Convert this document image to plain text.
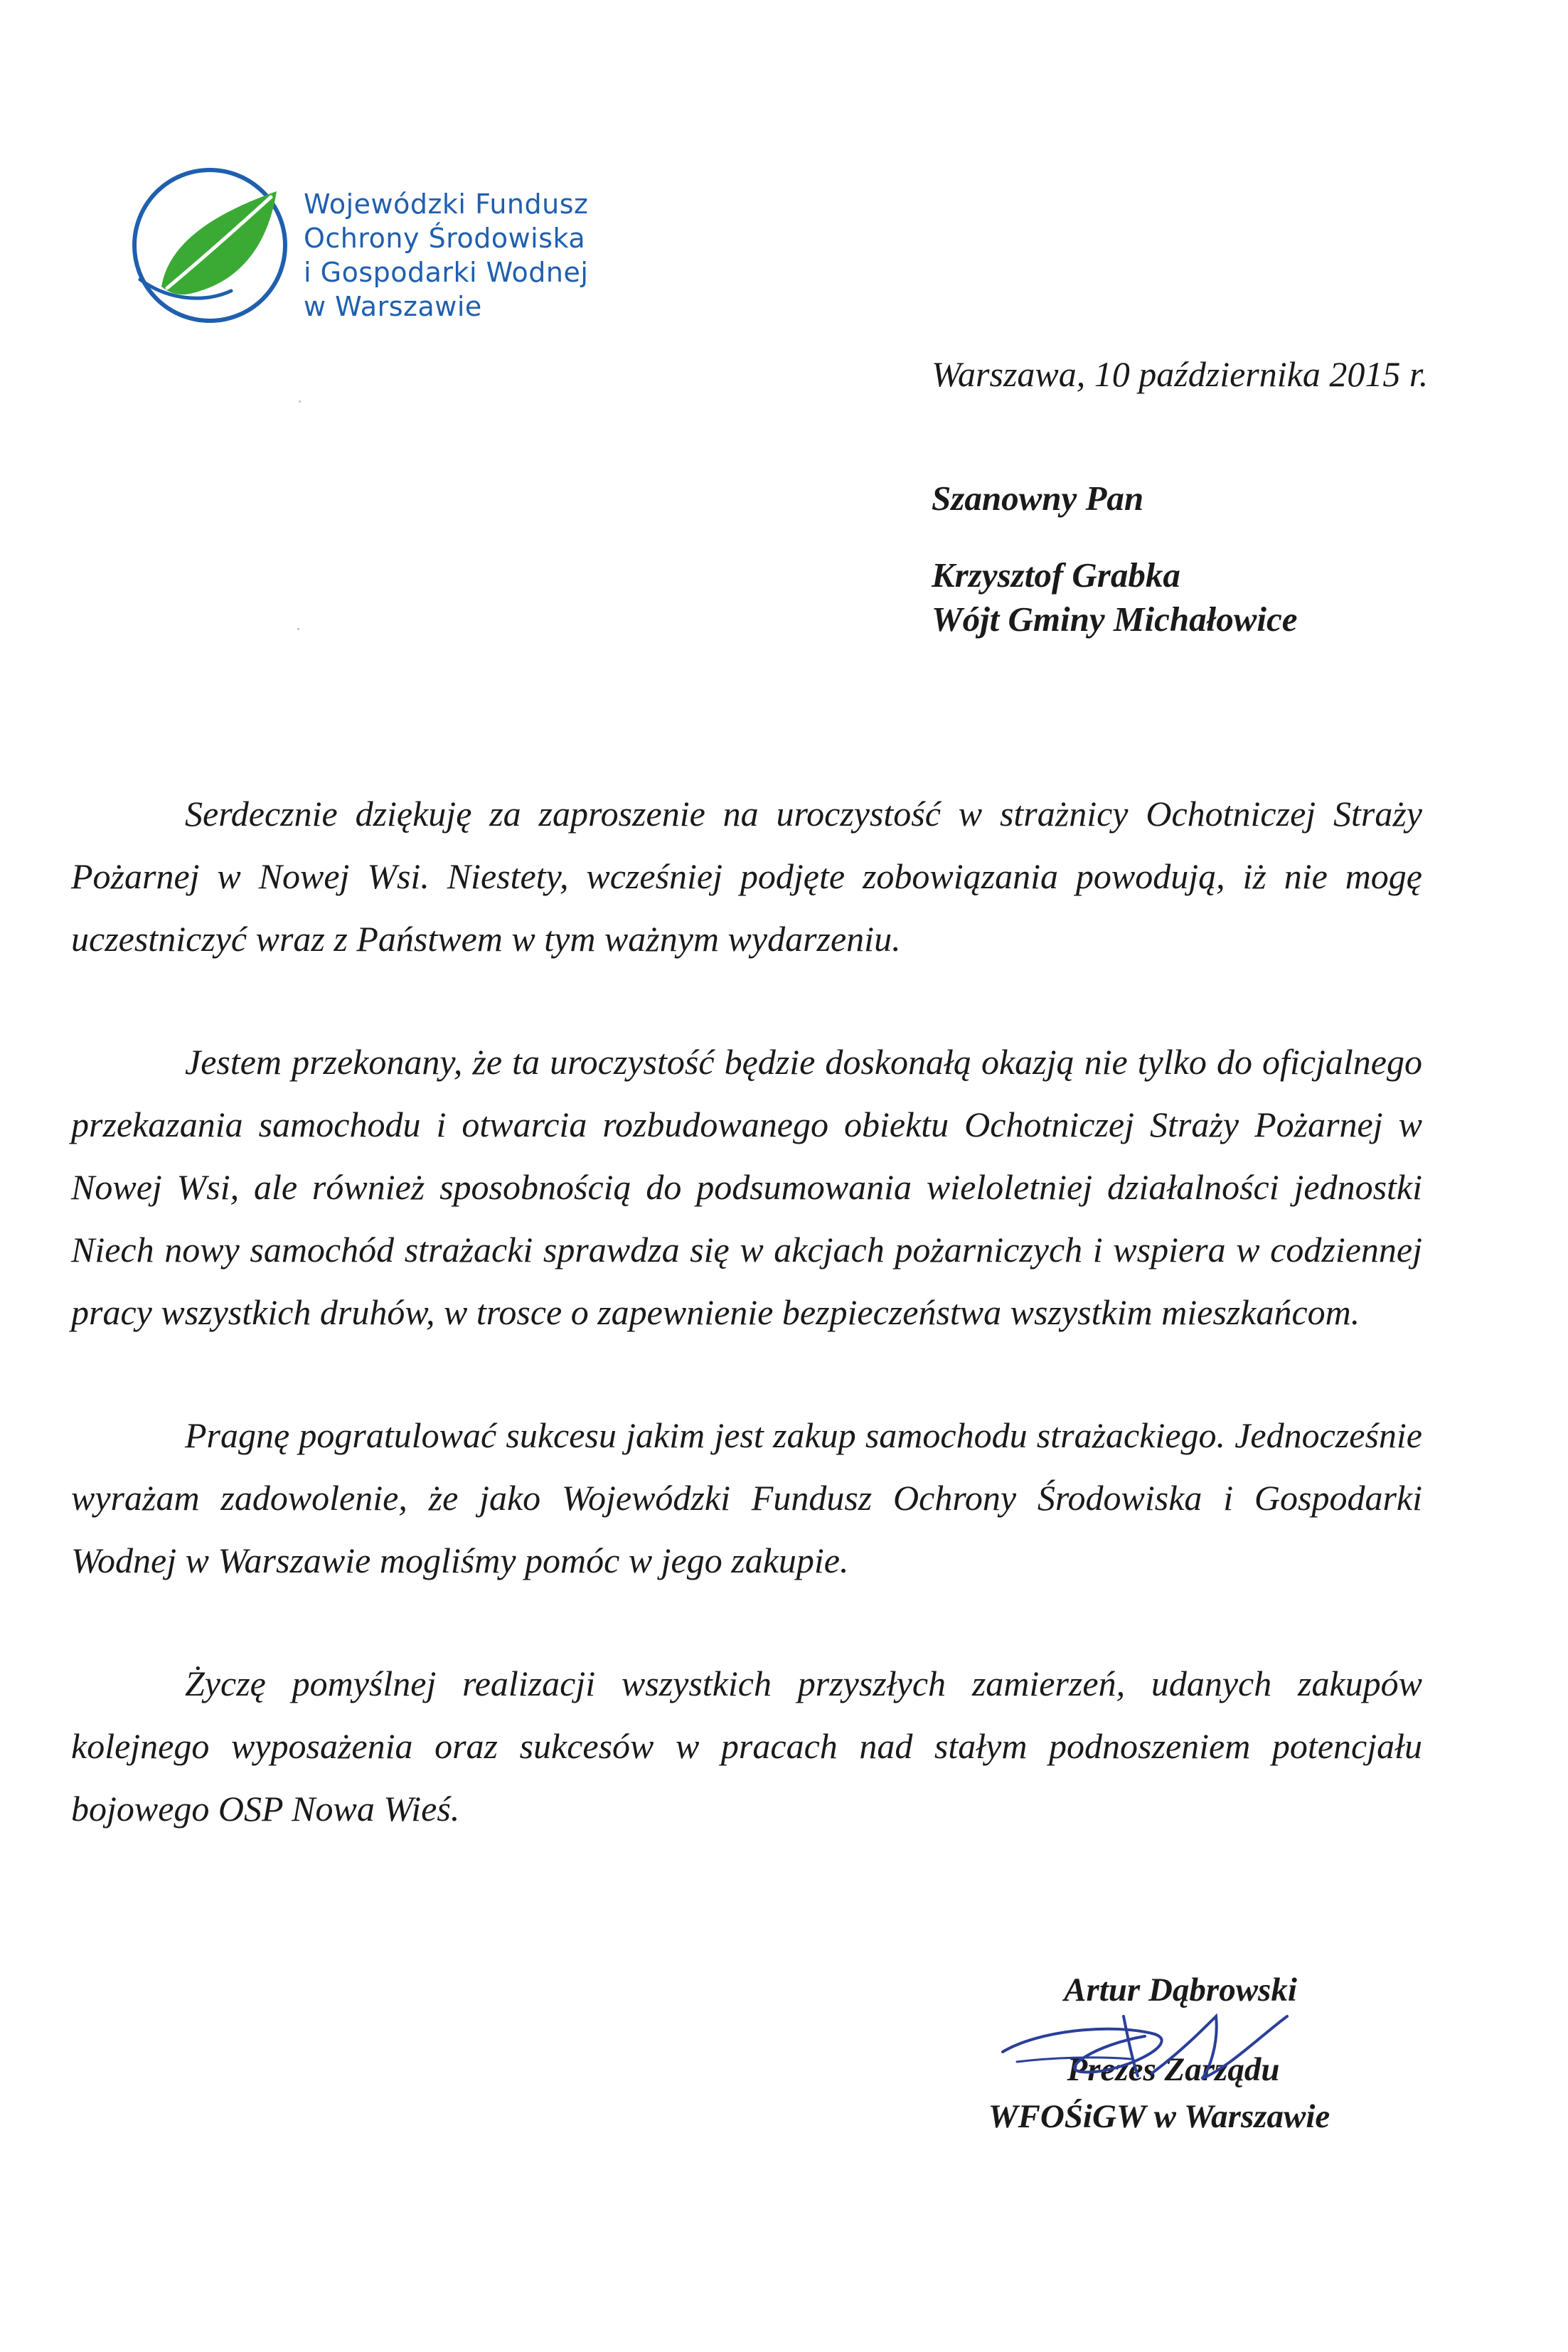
Wojewódzki Fundusz
Ochrony Środowiska
i Gospodarki Wodnej
w Warszawie
Warszawa, 10 października 2015 r.
Szanowny Pan
Krzysztof Grabka
Wójt Gminy Michałowice

Serdecznie dziękuję za zaproszenie na uroczystość w strażnicy Ochotniczej Straży Pożarnej w Nowej Wsi. Niestety, wcześniej podjęte zobowiązania powodują, iż nie mogę uczestniczyć wraz z Państwem w tym ważnym wydarzeniu.

Jestem przekonany, że ta uroczystość będzie doskonałą okazją nie tylko do oficjalnego przekazania samochodu i otwarcia rozbudowanego obiektu Ochotniczej Straży Pożarnej w Nowej Wsi, ale również sposobnością do podsumowania wieloletniej działalności jednostki Niech nowy samochód strażacki sprawdza się w akcjach pożarniczych i wspiera w codziennej pracy wszystkich druhów, w trosce o zapewnienie bezpieczeństwa wszystkim mieszkańcom.

Pragnę pogratulować sukcesu jakim jest zakup samochodu strażackiego. Jednocześnie wyrażam zadowolenie, że jako Wojewódzki Fundusz Ochrony Środowiska i Gospodarki Wodnej w Warszawie mogliśmy pomóc w jego zakupie.

Życzę pomyślnej realizacji wszystkich przyszłych zamierzeń, udanych zakupów kolejnego wyposażenia oraz sukcesów w pracach nad stałym podnoszeniem potencjału bojowego OSP Nowa Wieś.

Artur Dąbrowski
Prezes Zarządu
WFOŚiGW w Warszawie
